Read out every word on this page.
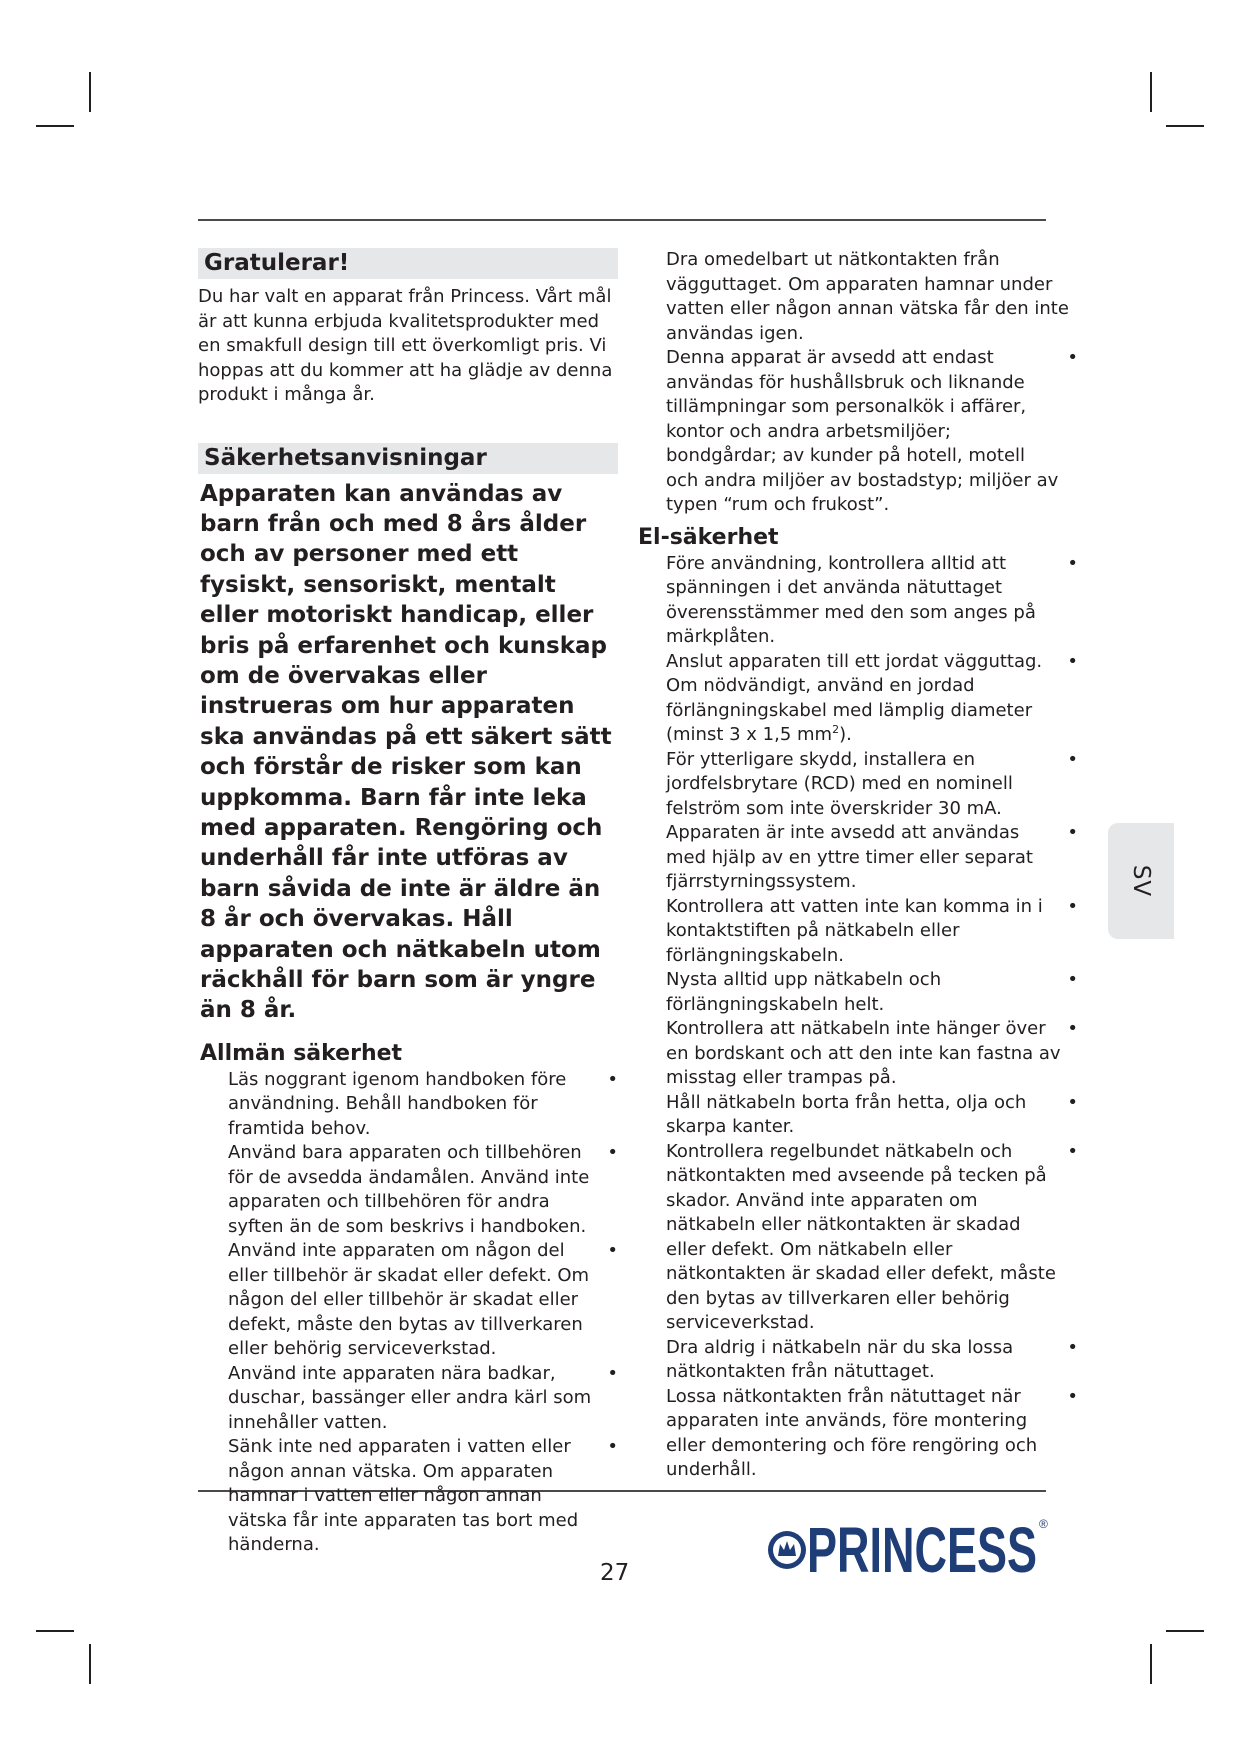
Gratulerar!

Du har valt en apparat från Princess. Vårt mål är att kunna erbjuda kvalitetsprodukter med en smakfull design till ett överkomligt pris. Vi hoppas att du kommer att ha glädje av denna produkt i många år.

Säkerhetsanvisningar

Apparaten kan användas av barn från och med 8 års ålder och av personer med ett fysiskt, sensoriskt, mentalt eller motoriskt handicap, eller bris på erfarenhet och kunskap om de övervakas eller instrueras om hur apparaten ska användas på ett säkert sätt och förstår de risker som kan uppkomma. Barn får inte leka med apparaten. Rengöring och underhåll får inte utföras av barn såvida de inte är äldre än 8 år och övervakas. Håll apparaten och nätkabeln utom räckhåll för barn som är yngre än 8 år.

Allmän säkerhet
Läs noggrant igenom handboken före användning. Behåll handboken för framtida behov.
•
Använd bara apparaten och tillbehören för de avsedda ändamålen. Använd inte apparaten och tillbehören för andra syften än de som beskrivs i handboken.
•
Använd inte apparaten om någon del eller tillbehör är skadat eller defekt. Om någon del eller tillbehör är skadat eller defekt, måste den bytas av tillverkaren eller behörig serviceverkstad.
•
Använd inte apparaten nära badkar, duschar, bassänger eller andra kärl som innehåller vatten.
•
Sänk inte ned apparaten i vatten eller någon annan vätska. Om apparaten hamnar i vatten eller någon annan vätska får inte apparaten tas bort med händerna.
•

Dra omedelbart ut nätkontakten från vägguttaget. Om apparaten hamnar under vatten eller någon annan vätska får den inte användas igen.

Denna apparat är avsedd att endast användas för hushållsbruk och liknande tillämpningar som personalkök i affärer, kontor och andra arbetsmiljöer; bondgårdar; av kunder på hotell, motell och andra miljöer av bostadstyp; miljöer av typen “rum och frukost”.
•

El-säkerhet
Före användning, kontrollera alltid att spänningen i det använda nätuttaget överensstämmer med den som anges på märkplåten.
•
Anslut apparaten till ett jordat vägguttag. Om nödvändigt, använd en jordad förlängningskabel med lämplig diameter (minst 3 x 1,5 $mm^2$).
•
För ytterligare skydd, installera en jordfelsbrytare (RCD) med en nominell felström som inte överskrider 30 mA.
•
Apparaten är inte avsedd att användas med hjälp av en yttre timer eller separat fjärrstyrningssystem.
•
Kontrollera att vatten inte kan komma in i kontaktstiften på nätkabeln eller förlängningskabeln.
•
Nysta alltid upp nätkabeln och förlängningskabeln helt.
•
Kontrollera att nätkabeln inte hänger över en bordskant och att den inte kan fastna av misstag eller trampas på.
•
Håll nätkabeln borta från hetta, olja och skarpa kanter.
•
Kontrollera regelbundet nätkabeln och nätkontakten med avseende på tecken på skador. Använd inte apparaten om nätkabeln eller nätkontakten är skadad eller defekt. Om nätkabeln eller nätkontakten är skadad eller defekt, måste den bytas av tillverkaren eller behörig serviceverkstad.
•
Dra aldrig i nätkabeln när du ska lossa nätkontakten från nätuttaget.
•
Lossa nätkontakten från nätuttaget när apparaten inte används, före montering eller demontering och före rengöring och underhåll.
•
SV
27	PRINCESS ®
